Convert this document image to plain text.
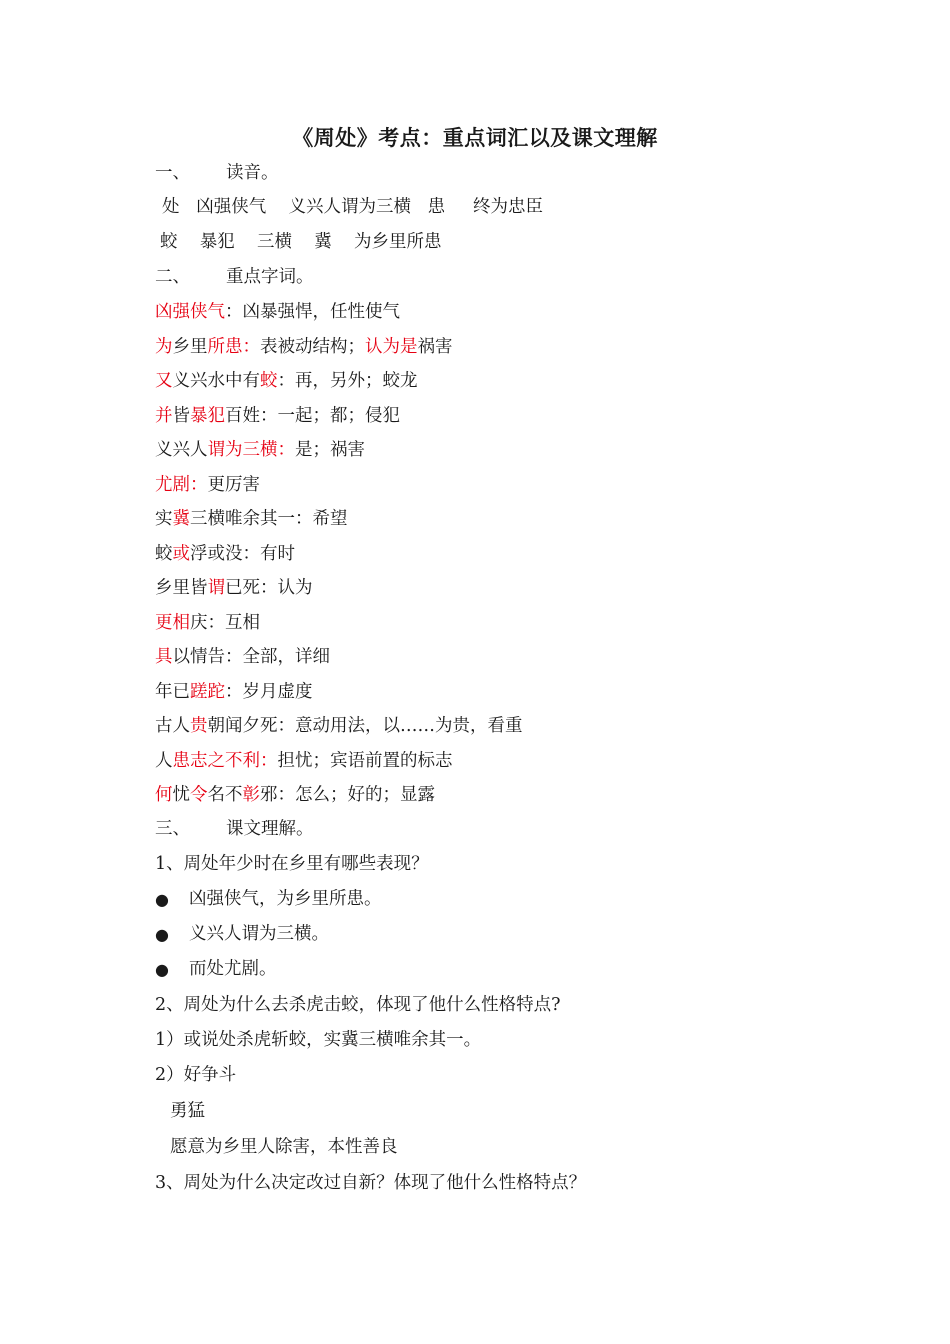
《周处》考点：重点词汇以及课文理解
一、 读音。
处   凶强侠气    义兴人谓为三横   患     终为忠臣
蛟    暴犯    三横    冀    为乡里所患
二、 重点字词。
凶强侠气：凶暴强悍，任性使气
为乡里所患：表被动结构；认为是祸害
又义兴水中有蛟：再，另外；蛟龙
并皆暴犯百姓：一起；都；侵犯
义兴人谓为三横：是；祸害
尤剧：更厉害
实冀三横唯余其一：希望
蛟或浮或没：有时
乡里皆谓已死：认为
更相庆：互相
具以情告：全部，详细
年已蹉跎：岁月虚度
古人贵朝闻夕死：意动用法，以……为贵，看重
人患志之不利：担忧；宾语前置的标志
何忧令名不彰邪：怎么；好的；显露
三、 课文理解。
1、周处年少时在乡里有哪些表现？
● 凶强侠气，为乡里所患。
● 义兴人谓为三横。
● 而处尤剧。
2、周处为什么去杀虎击蛟，体现了他什么性格特点?
1）或说处杀虎斩蛟，实冀三横唯余其一。
2）好争斗
勇猛
愿意为乡里人除害，本性善良
3、周处为什么决定改过自新？体现了他什么性格特点？
